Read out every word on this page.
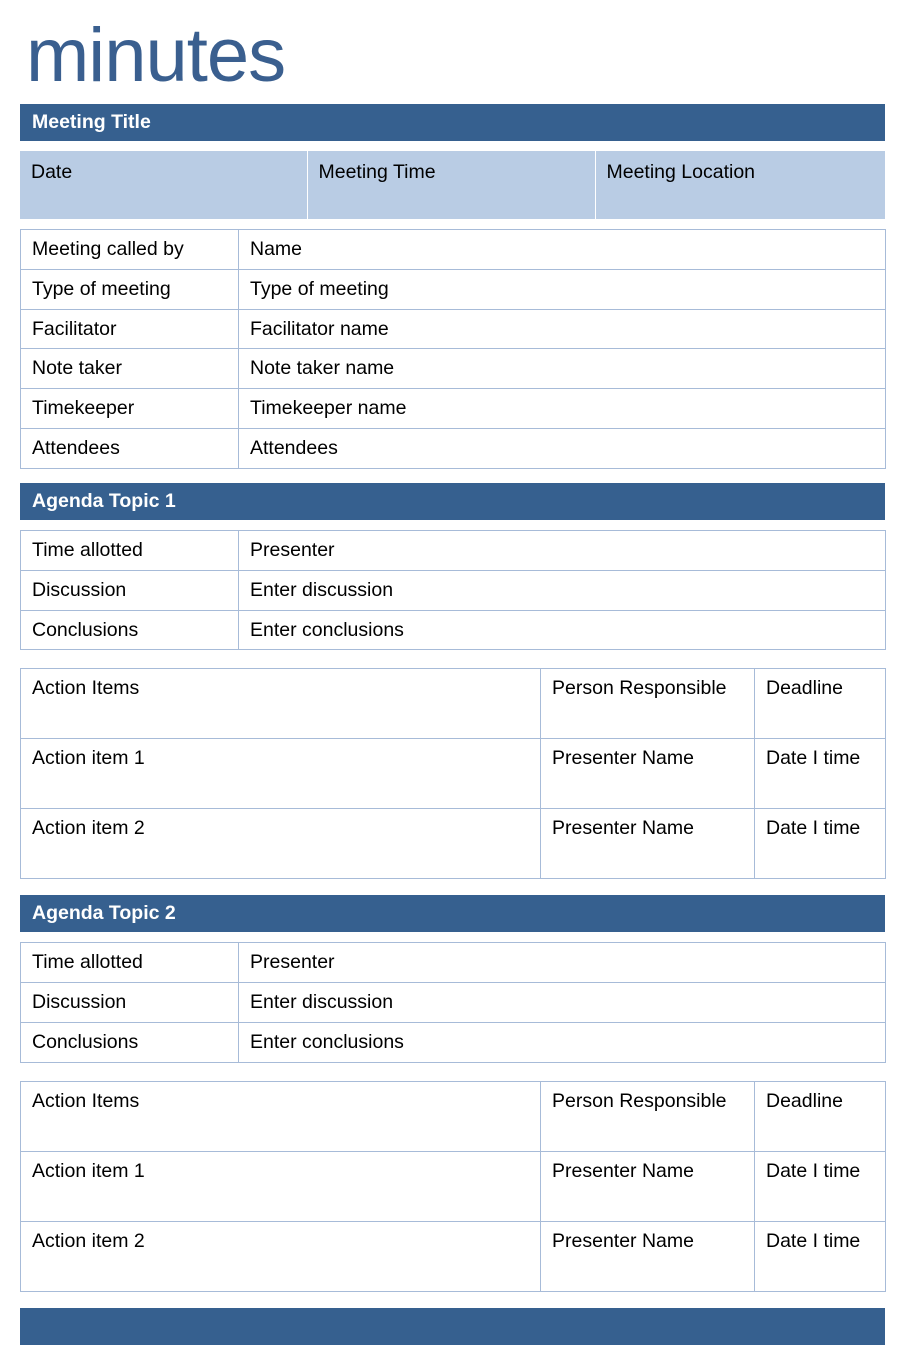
minutes
Meeting Title
Date	Meeting Time	Meeting Location
Meeting called by	Name
Type of meeting	Type of meeting
Facilitator	Facilitator name
Note taker	Note taker name
Timekeeper	Timekeeper name
Attendees	Attendees
Agenda Topic 1
Time allotted	Presenter
Discussion	Enter discussion
Conclusions	Enter conclusions
Action Items	Person Responsible	Deadline
Action item 1	Presenter Name	Date I time
Action item 2	Presenter Name	Date I time
Agenda Topic 2
Time allotted	Presenter
Discussion	Enter discussion
Conclusions	Enter conclusions
Action Items	Person Responsible	Deadline
Action item 1	Presenter Name	Date I time
Action item 2	Presenter Name	Date I time
